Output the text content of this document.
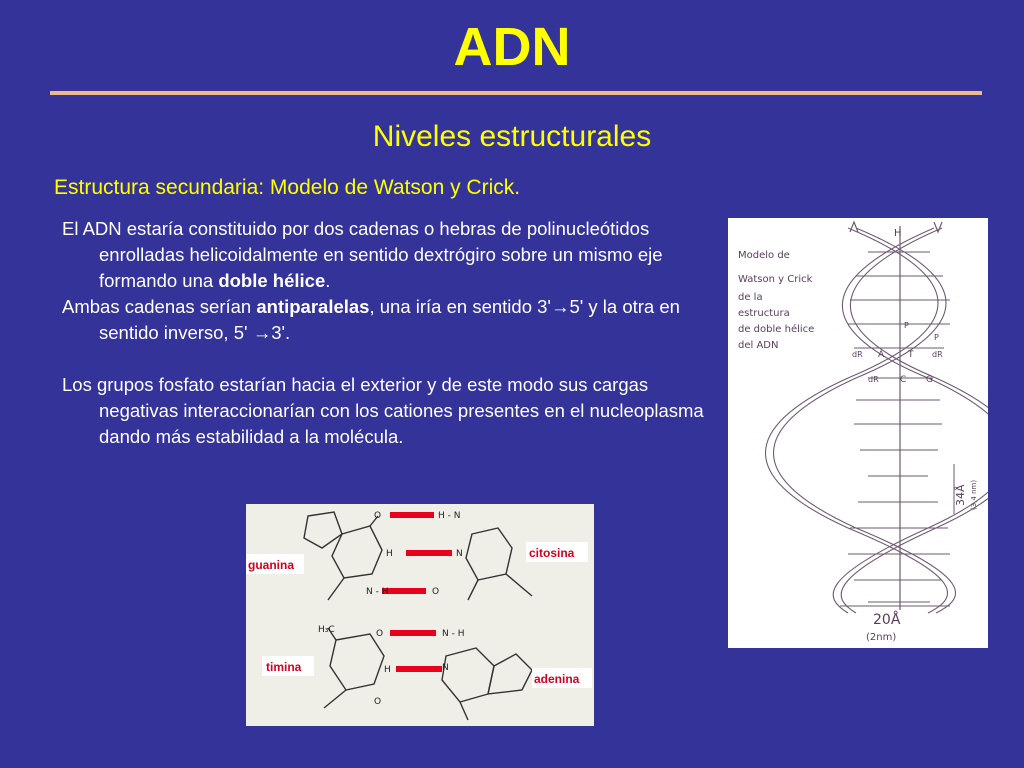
ADN
Niveles estructurales
Estructura secundaria: Modelo de Watson y Crick.

El ADN estaría constituido por dos cadenas o hebras de polinucleótidos enrolladas helicoidalmente en sentido dextrógiro sobre un mismo eje formando una doble hélice.

Ambas cadenas serían antiparalelas, una iría en sentido 3'→5' y la otra en sentido inverso, 5' →3'.

Los grupos fosfato estarían hacia el exterior y de este modo sus cargas negativas interaccionarían con los cationes presentes en el nucleoplasma dando más estabilidad a la molécula.

Modelo de
Watson y Crick
de la
estructura
de doble hélice
del ADN
H
dR A	T dR
dR C G
P
P
34Å (3,4 nm)
20Å
(2nm)
O	H - N
H	N
N - H	O
H₃C	O	N - H
H	N
O
guanina
citosina
timina
adenina
